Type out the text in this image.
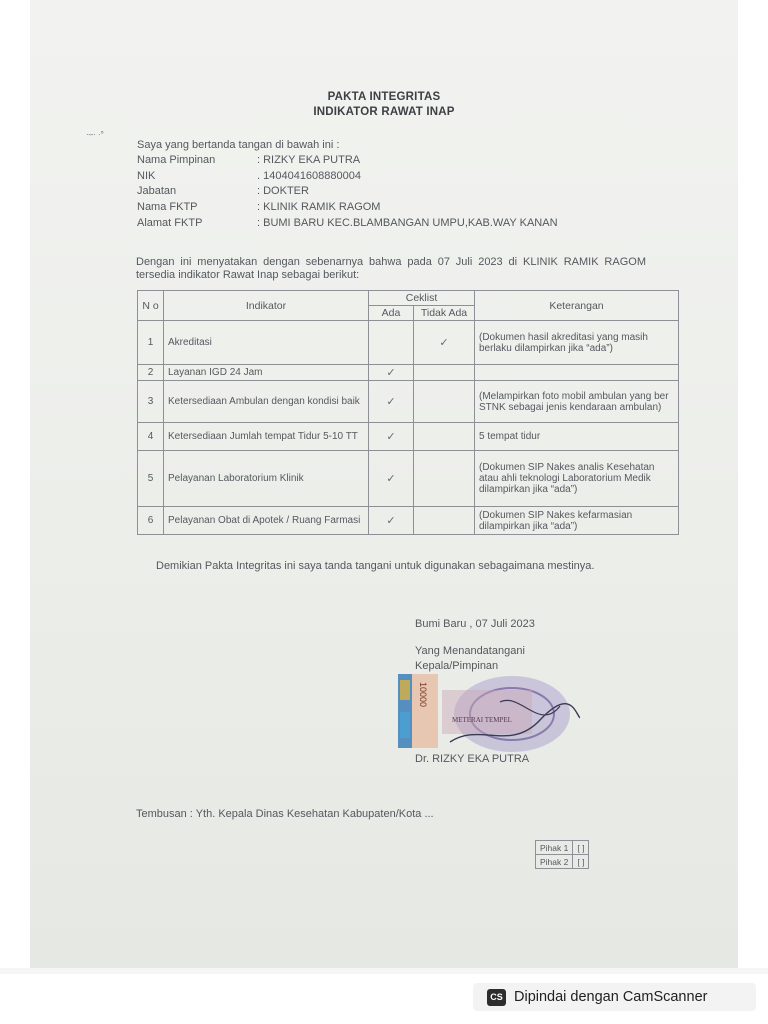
·–· ·°
PAKTA INTEGRITAS
INDIKATOR RAWAT INAP
Saya yang bertanda tangan di bawah ini :
Nama Pimpinan	: RIZKY EKA PUTRA
NIK	. 1404041608880004
Jabatan	: DOKTER
Nama FKTP	: KLINIK RAMIK RAGOM
Alamat FKTP	: BUMI BARU KEC.BLAMBANGAN UMPU,KAB.WAY KANAN
Dengan ini menyatakan dengan sebenarnya bahwa pada 07 Juli 2023 di KLINIK RAMIK RAGOM tersedia indikator Rawat Inap sebagai berikut:
N o	Indikator	Ceklist		Keterangan
		Ada	Tidak Ada	
1	Akreditasi		✓	(Dokumen hasil akreditasi yang masih berlaku dilampirkan jika “ada”)
2	Layanan IGD 24 Jam	✓		
3	Ketersediaan Ambulan dengan kondisi baik	✓		(Melampirkan foto mobil ambulan yang ber STNK sebagai jenis kendaraan ambulan)
4	Ketersediaan Jumlah tempat Tidur 5-10 TT	✓		5 tempat tidur
5	Pelayanan Laboratorium Klinik	✓		(Dokumen SIP Nakes analis Kesehatan atau ahli teknologi Laboratorium Medik dilampirkan jika “ada”)
6	Pelayanan Obat di Apotek / Ruang Farmasi	✓		(Dokumen SIP Nakes kefarmasian dilampirkan jika “ada”)
Demikian Pakta Integritas ini saya tanda tangani untuk digunakan sebagaimana mestinya.
Bumi Baru , 07 Juli 2023
Yang Menandatangani
Kepala/Pimpinan
10000
METERAI TEMPEL
Dr. RIZKY EKA PUTRA
Tembusan : Yth. Kepala Dinas Kesehatan Kabupaten/Kota ...
Pihak 1	[ ]
Pihak 2	[ ]
CS Dipindai dengan CamScanner
